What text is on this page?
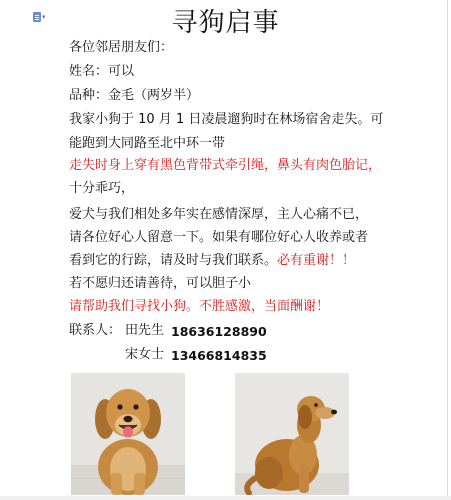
▾	寻狗启事
各位邻居朋友们：
姓名：可以
品种：金毛（两岁半）
我家小狗于 10 月 1 日凌晨遛狗时在林场宿舍走失。可
能跑到大同路至北中环一带
走失时身上穿有黑色背带式牵引绳，鼻头有肉色胎记，
十分乖巧，
爱犬与我们相处多年实在感情深厚，主人心痛不已，
请各位好心人留意一下。如果有哪位好心人收养或者
看到它的行踪，请及时与我们联系。必有重谢！！
若不愿归还请善待，可以胆子小
请帮助我们寻找小狗。不胜感激，当面酬谢！
联系人： 田先生 18636128890
宋女士 13466814835
